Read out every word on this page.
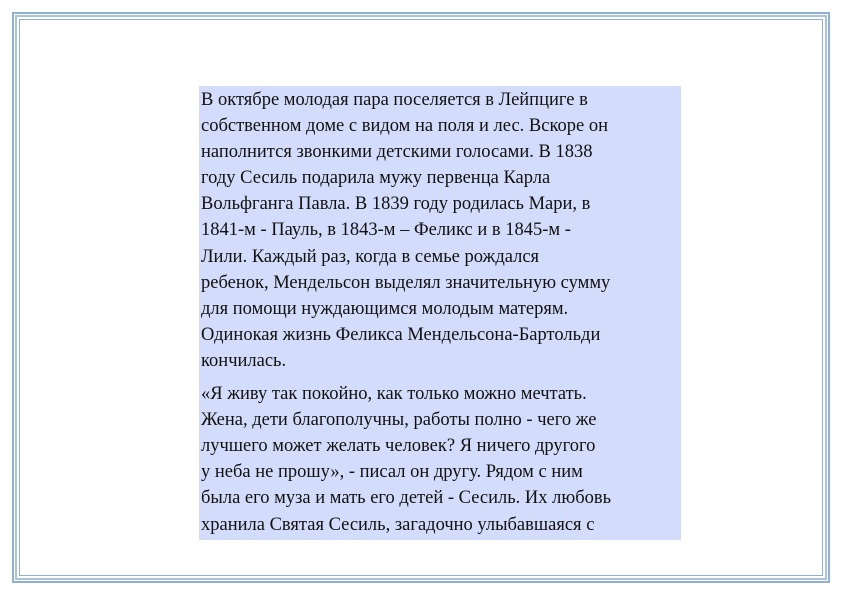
В октябре молодая пара поселяется в Лейпциге в
собственном доме с видом на поля и лес. Вскоре он
наполнится звонкими детскими голосами. В 1838
году Сесиль подарила мужу первенца Карла
Вольфганга Павла. В 1839 году родилась Мари, в
1841-м - Пауль, в 1843-м – Феликс и в 1845-м -
Лили. Каждый раз, когда в семье рождался
ребенок, Мендельсон выделял значительную сумму
для помощи нуждающимся молодым матерям.
Одинокая жизнь Феликса Мендельсона-Бартольди
кончилась.

«Я живу так покойно, как только можно мечтать.
Жена, дети благополучны, работы полно - чего же
лучшего может желать человек? Я ничего другого
у неба не прошу», - писал он другу. Рядом с ним
была его муза и мать его детей - Сесиль. Их любовь
хранила Святая Сесиль, загадочно улыбавшаяся с
